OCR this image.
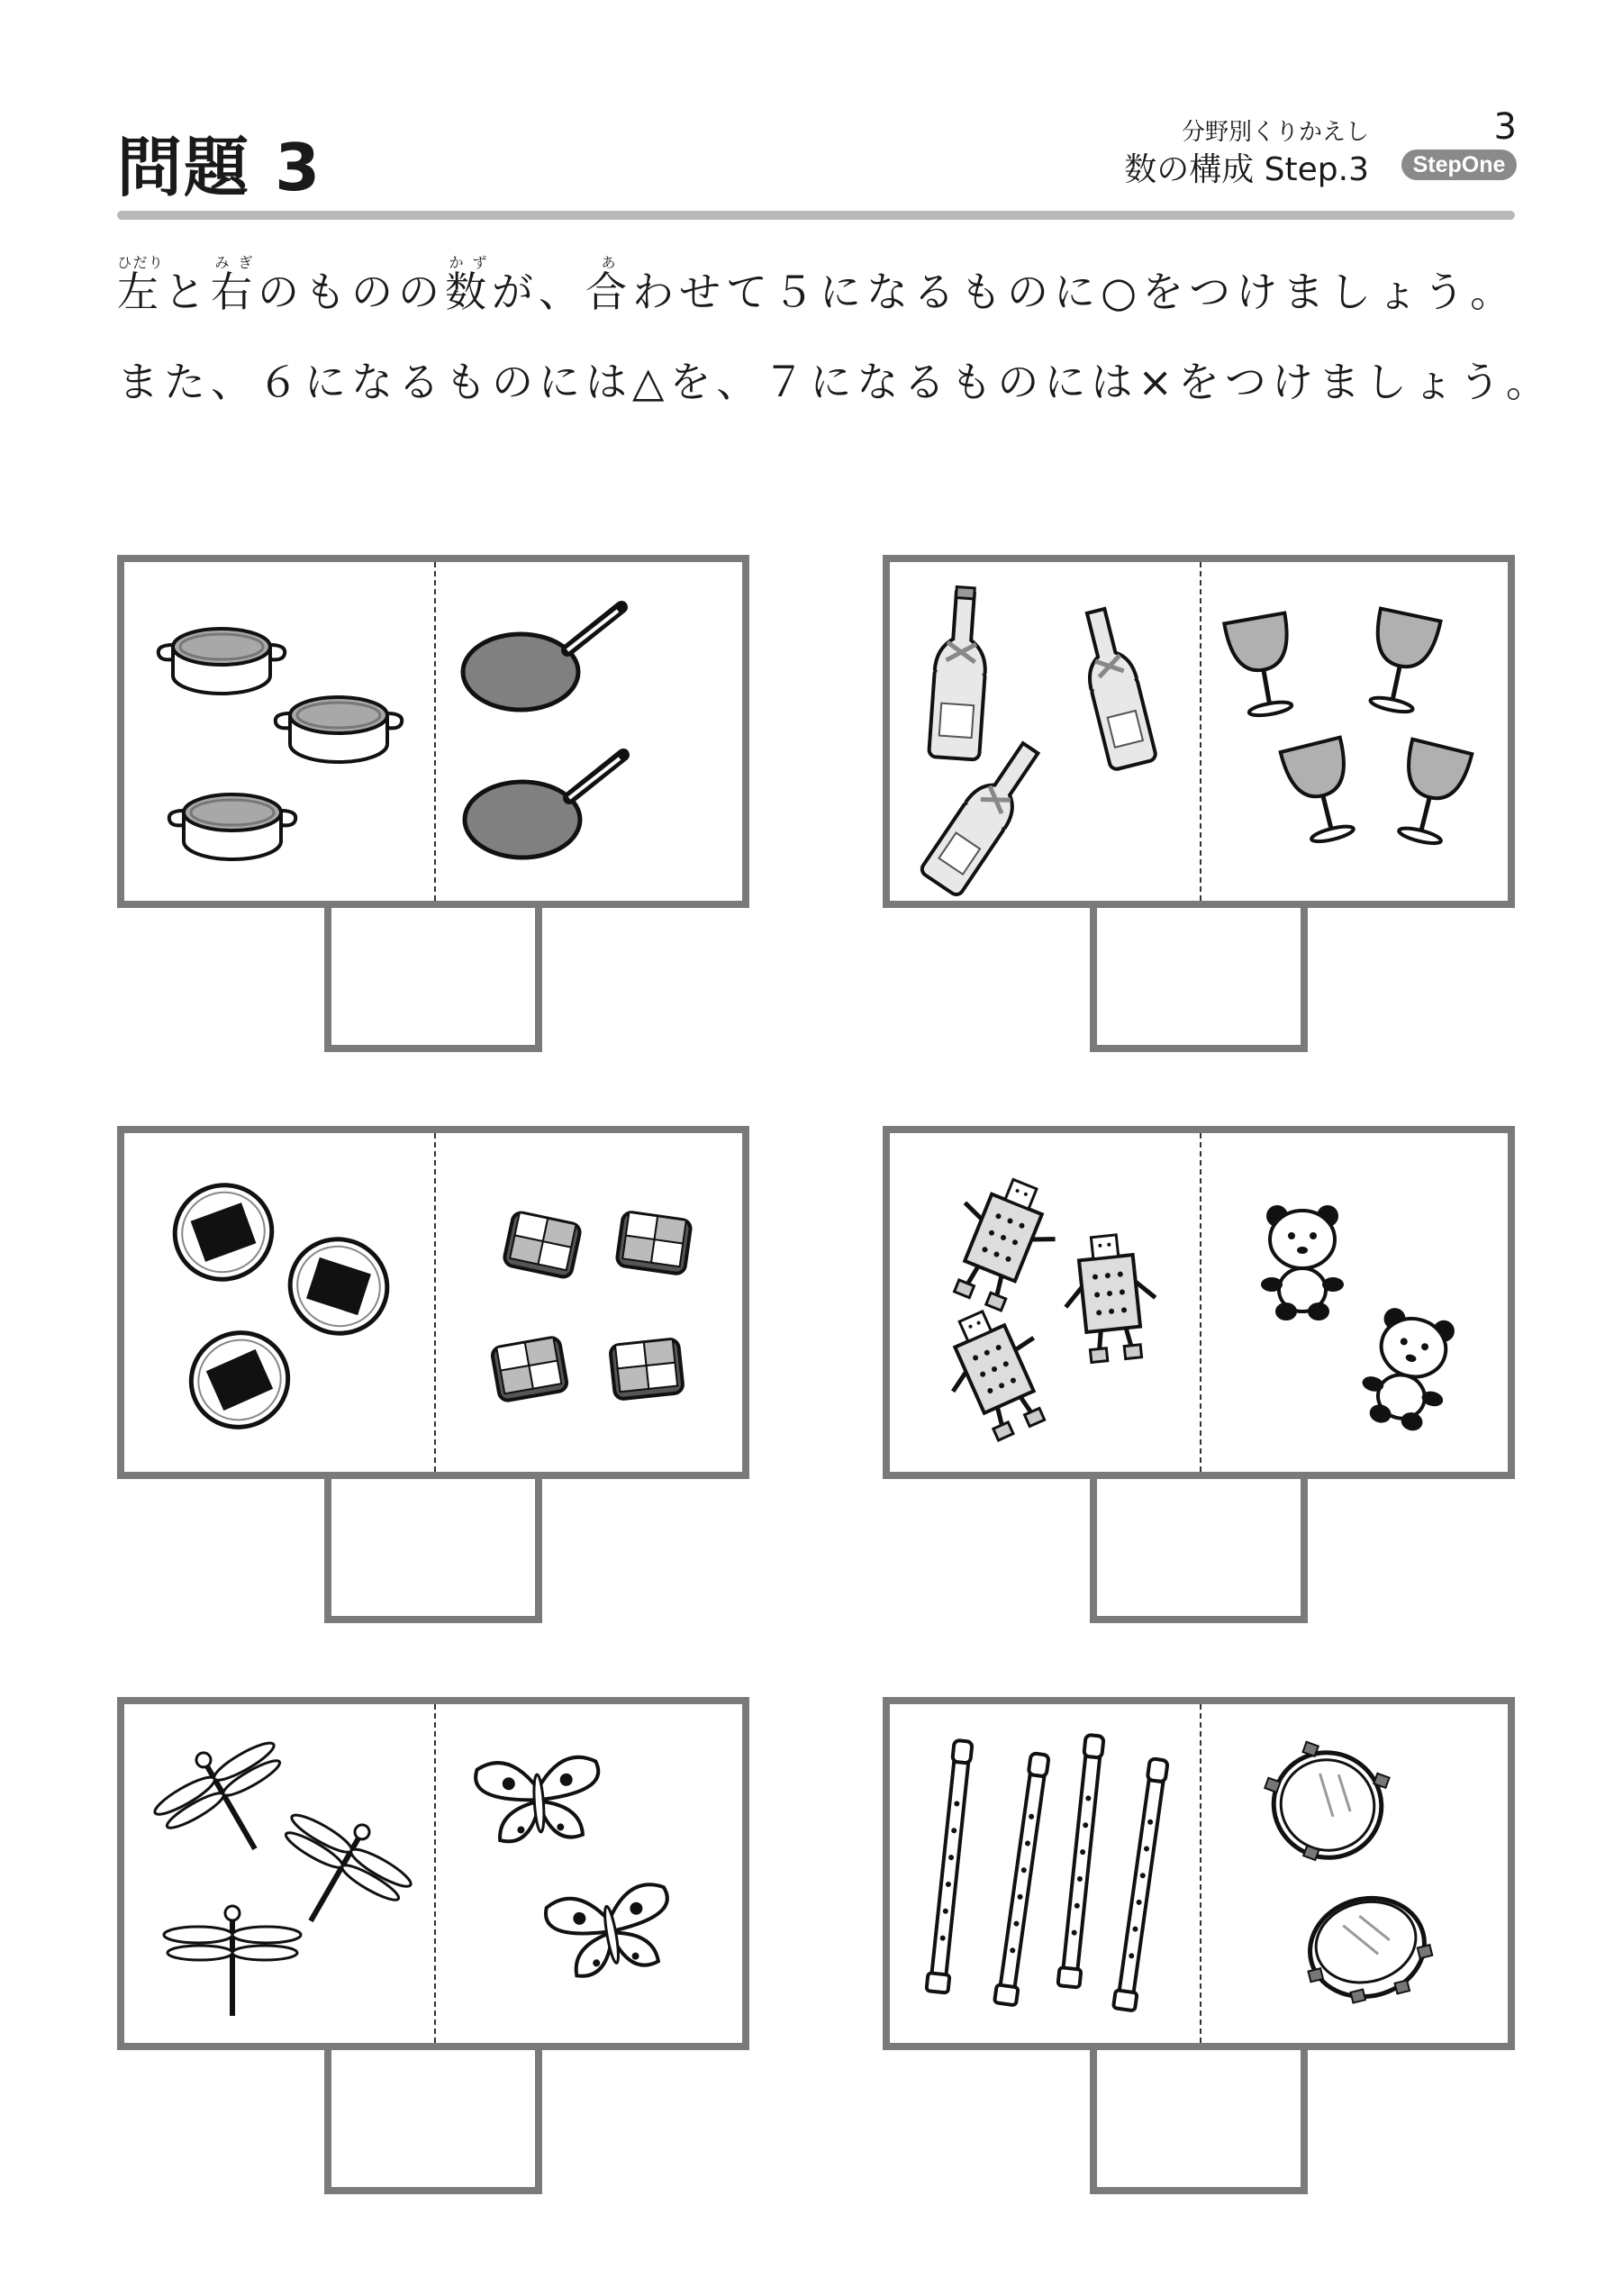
問題 3	分野別くりかえし	3
数の構成 Step.3	StepOne
左ひだりと右みぎのものの数かずが、合あわせて５になるものに○をつけましょう。
また、６になるものには△を、７になるものには×をつけましょう。
